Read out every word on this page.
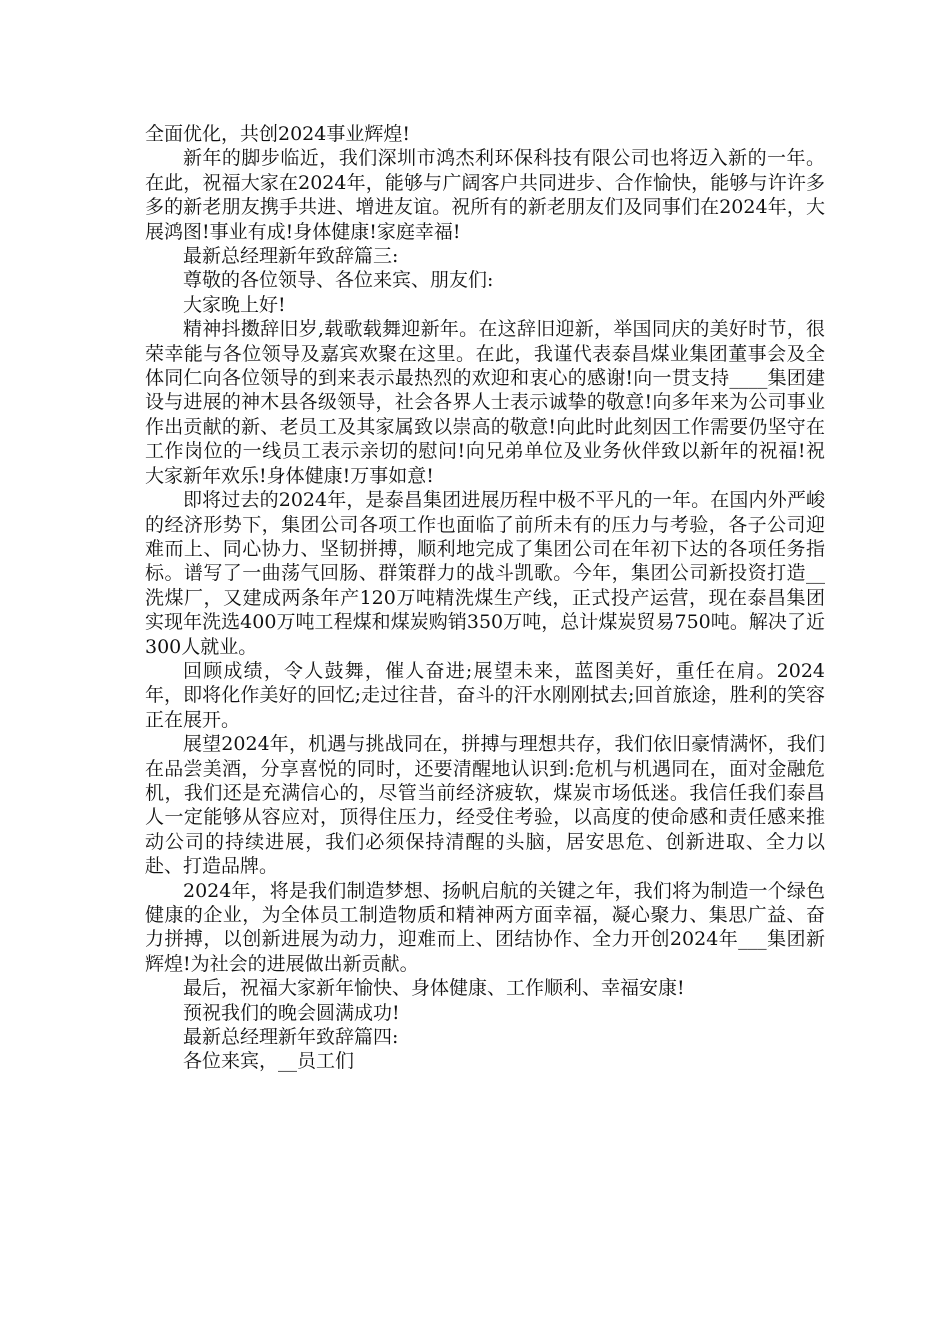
全面优化，共创2024事业辉煌!

新年的脚步临近，我们深圳市鸿杰利环保科技有限公司也将迈入新的一年。在此，祝福大家在2024年，能够与广阔客户共同进步、合作愉快，能够与许许多多的新老朋友携手共进、增进友谊。祝所有的新老朋友们及同事们在2024年，大展鸿图!事业有成!身体健康!家庭幸福!

最新总经理新年致辞篇三:

尊敬的各位领导、各位来宾、朋友们:

大家晚上好!

精神抖擞辞旧岁,载歌载舞迎新年。在这辞旧迎新，举国同庆的美好时节，很荣幸能与各位领导及嘉宾欢聚在这里。在此，我谨代表泰昌煤业集团董事会及全体同仁向各位领导的到来表示最热烈的欢迎和衷心的感谢!向一贯支持____集团建设与进展的神木县各级领导，社会各界人士表示诚挚的敬意!向多年来为公司事业作出贡献的新、老员工及其家属致以崇高的敬意!向此时此刻因工作需要仍坚守在工作岗位的一线员工表示亲切的慰问!向兄弟单位及业务伙伴致以新年的祝福!祝大家新年欢乐!身体健康!万事如意!

即将过去的2024年，是泰昌集团进展历程中极不平凡的一年。在国内外严峻的经济形势下，集团公司各项工作也面临了前所未有的压力与考验，各子公司迎难而上、同心协力、坚韧拼搏，顺利地完成了集团公司在年初下达的各项任务指标。谱写了一曲荡气回肠、群策群力的战斗凯歌。今年，集团公司新投资打造__洗煤厂，又建成两条年产120万吨精洗煤生产线，正式投产运营，现在泰昌集团实现年洗选400万吨工程煤和煤炭购销350万吨，总计煤炭贸易750吨。解决了近300人就业。

回顾成绩，令人鼓舞，催人奋进;展望未来，蓝图美好，重任在肩。2024年，即将化作美好的回忆;走过往昔，奋斗的汗水刚刚拭去;回首旅途，胜利的笑容正在展开。

展望2024年，机遇与挑战同在，拼搏与理想共存，我们依旧豪情满怀，我们在品尝美酒，分享喜悦的同时，还要清醒地认识到:危机与机遇同在，面对金融危机，我们还是充满信心的，尽管当前经济疲软，煤炭市场低迷。我信任我们泰昌人一定能够从容应对，顶得住压力，经受住考验，以高度的使命感和责任感来推动公司的持续进展，我们必须保持清醒的头脑，居安思危、创新进取、全力以赴、打造品牌。

2024年，将是我们制造梦想、扬帆启航的关键之年，我们将为制造一个绿色健康的企业，为全体员工制造物质和精神两方面幸福，凝心聚力、集思广益、奋力拼搏，以创新进展为动力，迎难而上、团结协作、全力开创2024年___集团新辉煌!为社会的进展做出新贡献。

最后，祝福大家新年愉快、身体健康、工作顺利、幸福安康!

预祝我们的晚会圆满成功!

最新总经理新年致辞篇四:

各位来宾，__员工们
